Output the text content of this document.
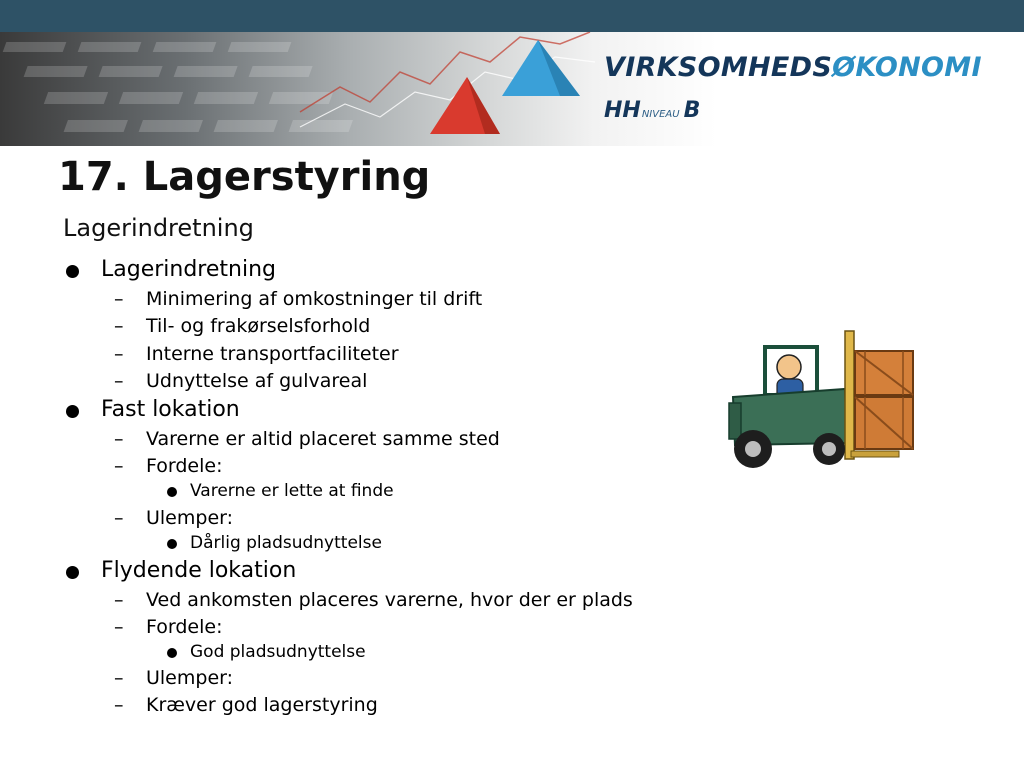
VIRKSOMHEDSØKONOMI
HHNIVEAU B
17. Lagerstyring
Lagerindretning
Lagerindretning
– Minimering af omkostninger til drift
– Til- og frakørselsforhold
– Interne transportfaciliteter
– Udnyttelse af gulvareal
Fast lokation
– Varerne er altid placeret samme sted
– Fordele:
Varerne er lette at finde
– Ulemper:
Dårlig pladsudnyttelse
Flydende lokation
– Ved ankomsten placeres varerne, hvor der er plads
– Fordele:
God pladsudnyttelse
– Ulemper:
– Kræver god lagerstyring
